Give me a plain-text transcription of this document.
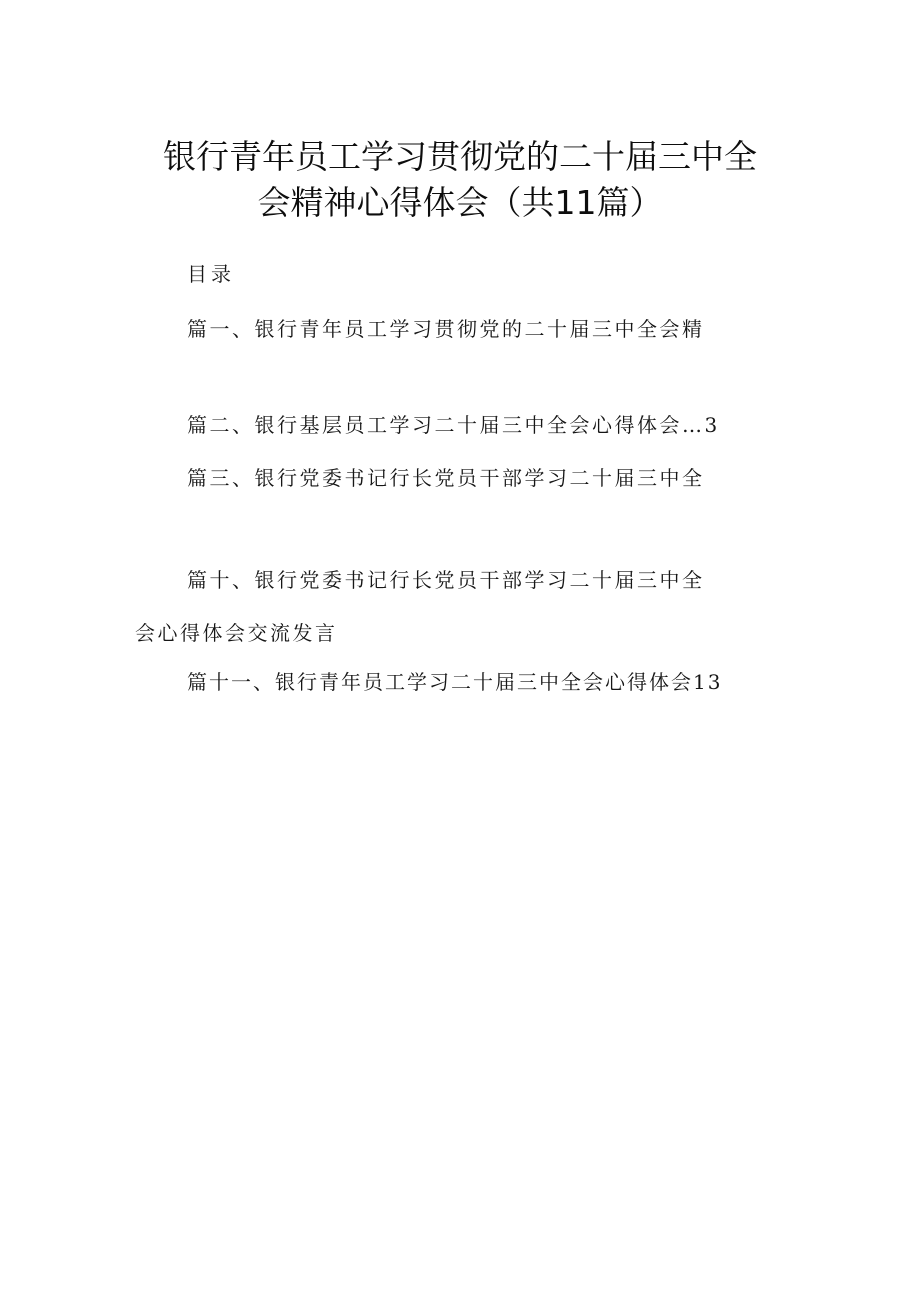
银行青年员工学习贯彻党的二十届三中全
会精神心得体会（共11篇）
目录
篇一、银行青年员工学习贯彻党的二十届三中全会精
篇二、银行基层员工学习二十届三中全会心得体会…3
篇三、银行党委书记行长党员干部学习二十届三中全
篇十、银行党委书记行长党员干部学习二十届三中全
会心得体会交流发言
篇十一、银行青年员工学习二十届三中全会心得体会13
